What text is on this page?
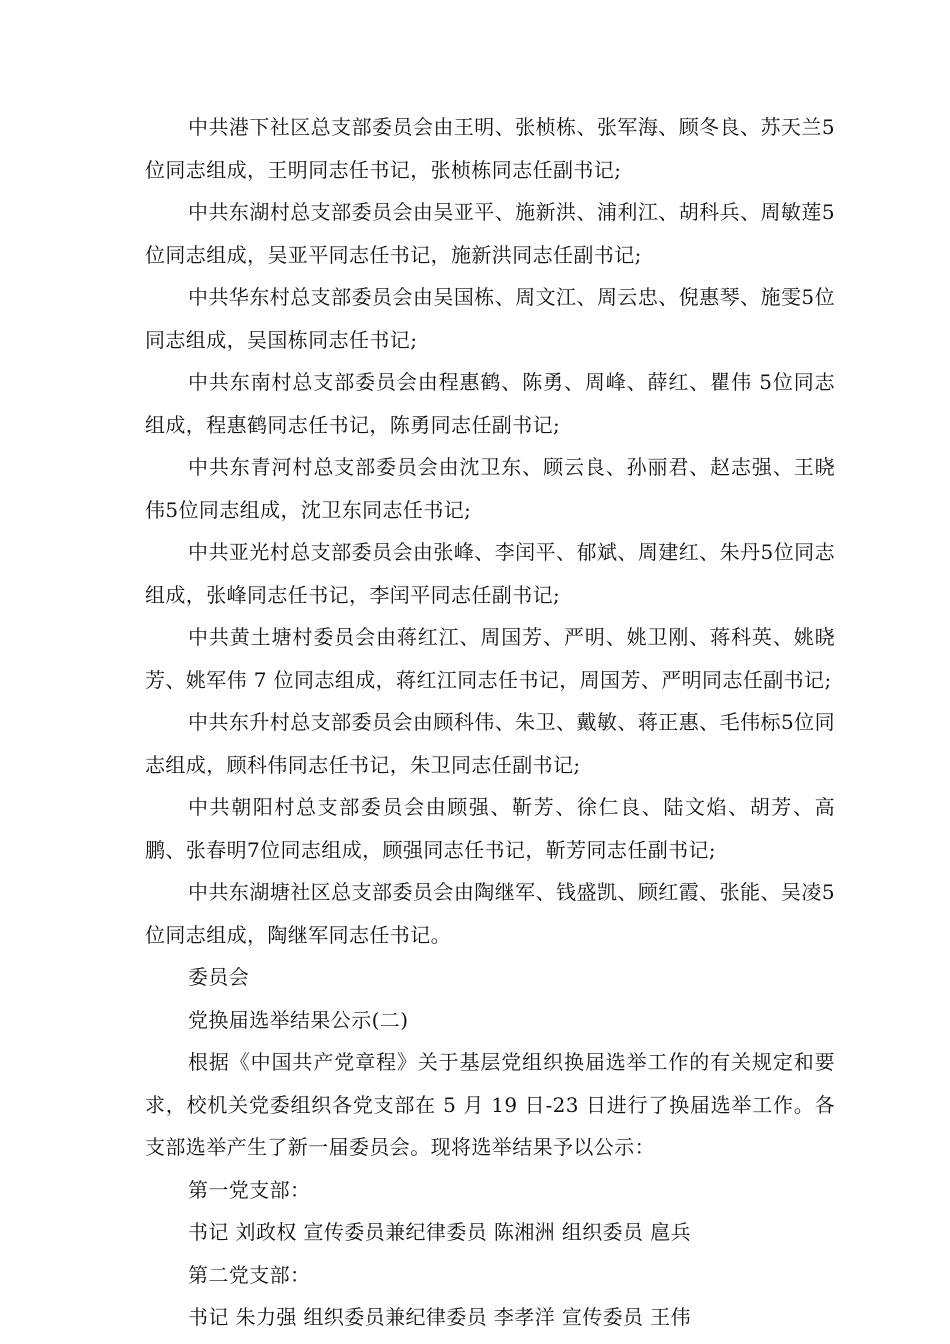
中共港下社区总支部委员会由王明、张桢栋、张军海、顾冬良、苏天兰5位同志组成，王明同志任书记，张桢栋同志任副书记;

中共东湖村总支部委员会由吴亚平、施新洪、浦利江、胡科兵、周敏莲5位同志组成，吴亚平同志任书记，施新洪同志任副书记;

中共华东村总支部委员会由吴国栋、周文江、周云忠、倪惠琴、施雯5位同志组成，吴国栋同志任书记;

中共东南村总支部委员会由程惠鹤、陈勇、周峰、薛红、瞿伟 5位同志组成，程惠鹤同志任书记，陈勇同志任副书记;

中共东青河村总支部委员会由沈卫东、顾云良、孙丽君、赵志强、王晓伟5位同志组成，沈卫东同志任书记;

中共亚光村总支部委员会由张峰、李闰平、郁斌、周建红、朱丹5位同志组成，张峰同志任书记，李闰平同志任副书记;

中共黄土塘村委员会由蒋红江、周国芳、严明、姚卫刚、蒋科英、姚晓芳、姚军伟 7 位同志组成，蒋红江同志任书记，周国芳、严明同志任副书记;

中共东升村总支部委员会由顾科伟、朱卫、戴敏、蒋正惠、毛伟标5位同志组成，顾科伟同志任书记，朱卫同志任副书记;

中共朝阳村总支部委员会由顾强、靳芳、徐仁良、陆文焰、胡芳、高鹏、张春明7位同志组成，顾强同志任书记，靳芳同志任副书记;

中共东湖塘社区总支部委员会由陶继军、钱盛凯、顾红霞、张能、吴凌5位同志组成，陶继军同志任书记。

委员会

党换届选举结果公示(二)

根据《中国共产党章程》关于基层党组织换届选举工作的有关规定和要求，校机关党委组织各党支部在 5 月 19 日-23 日进行了换届选举工作。各支部选举产生了新一届委员会。现将选举结果予以公示：

第一党支部：

书记 刘政权 宣传委员兼纪律委员 陈湘洲 组织委员 扈兵

第二党支部：

书记 朱力强 组织委员兼纪律委员 李孝洋 宣传委员 王伟
